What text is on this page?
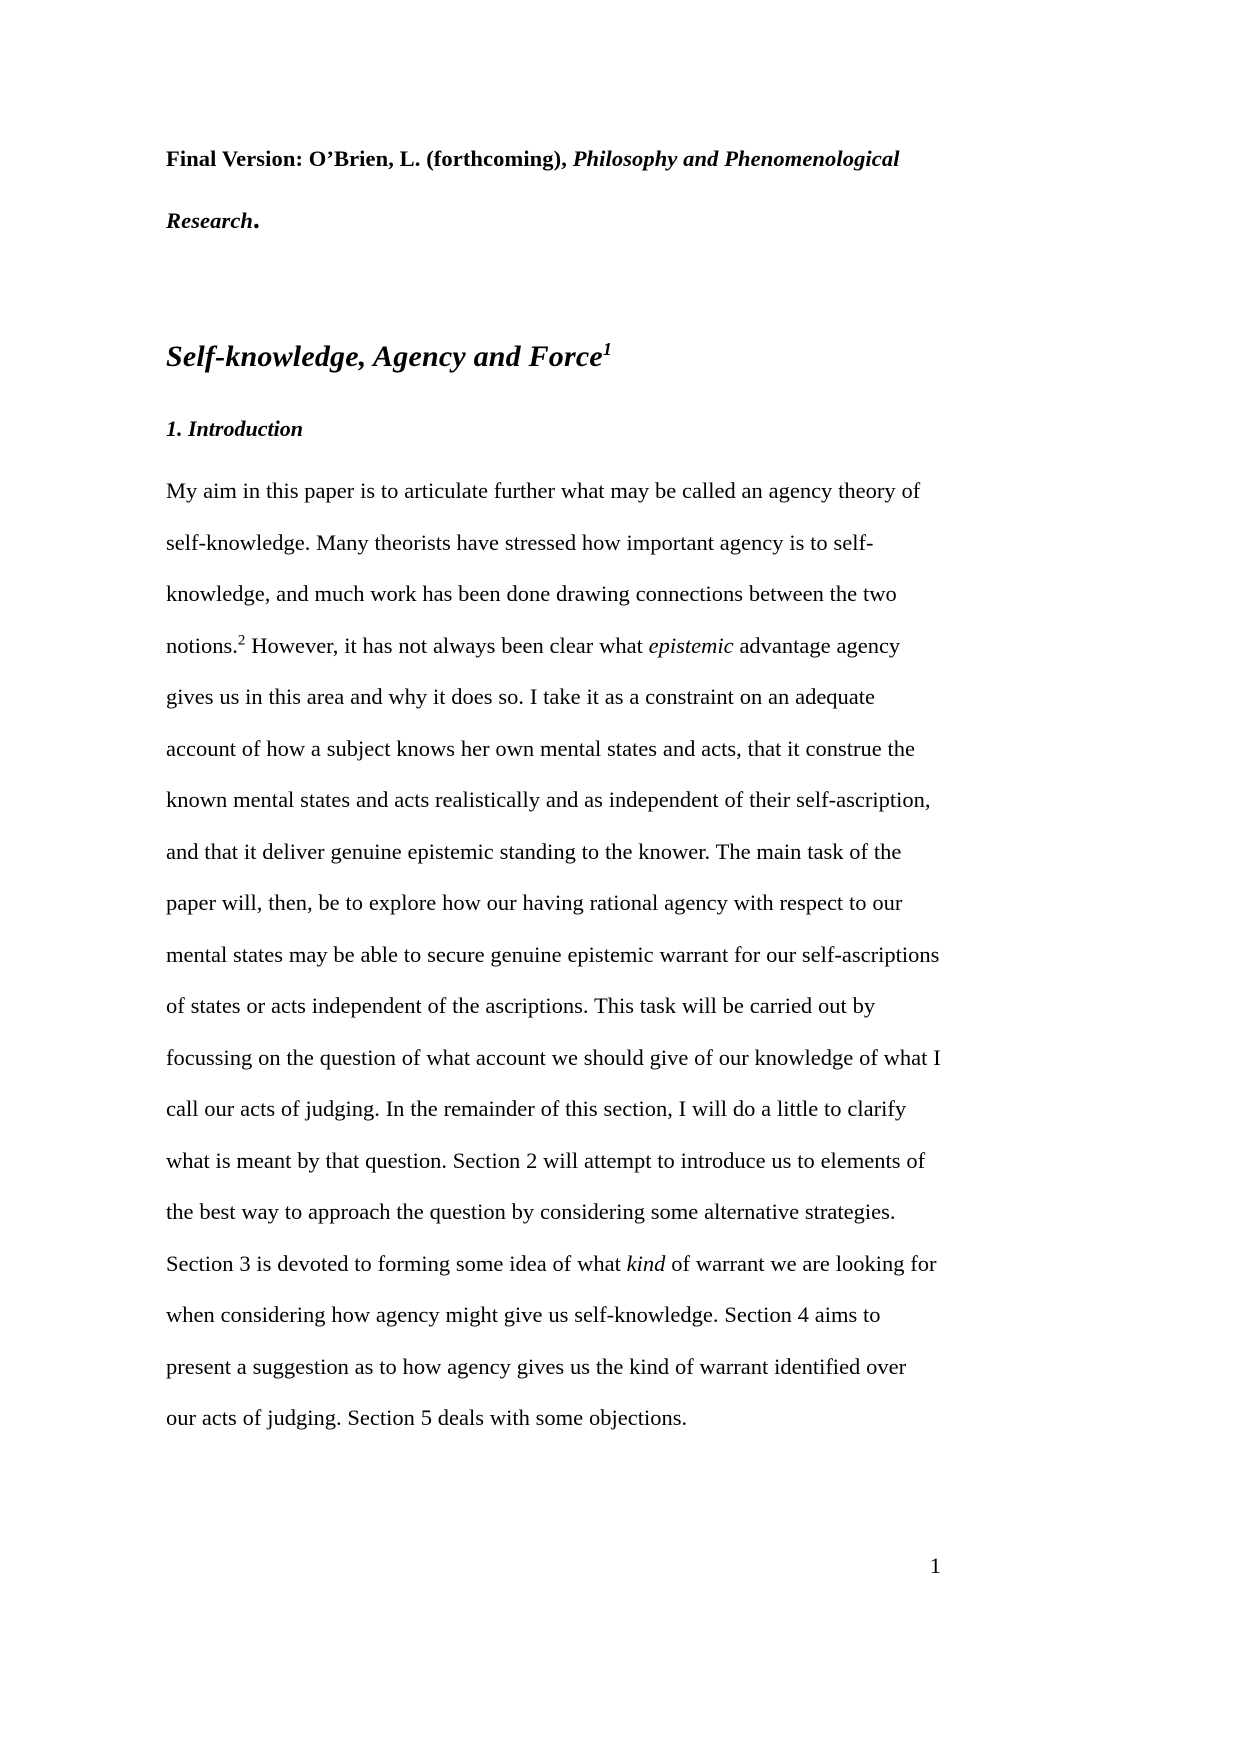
Final Version: O’Brien, L. (forthcoming), Philosophy and Phenomenological
Research.
Self-knowledge, Agency and Force$^1$
1. Introduction

My aim in this paper is to articulate further what may be called an agency theory of self-knowledge. Many theorists have stressed how important agency is to self-knowledge, and much work has been done drawing connections between the two notions.$^2$ However, it has not always been clear what epistemic advantage agency gives us in this area and why it does so. I take it as a constraint on an adequate account of how a subject knows her own mental states and acts, that it construe the known mental states and acts realistically and as independent of their self-ascription, and that it deliver genuine epistemic standing to the knower. The main task of the paper will, then, be to explore how our having rational agency with respect to our mental states may be able to secure genuine epistemic warrant for our self-ascriptions of states or acts independent of the ascriptions. This task will be carried out by focussing on the question of what account we should give of our knowledge of what I call our acts of judging. In the remainder of this section, I will do a little to clarify what is meant by that question. Section 2 will attempt to introduce us to elements of the best way to approach the question by considering some alternative strategies. Section 3 is devoted to forming some idea of what kind of warrant we are looking for when considering how agency might give us self-knowledge. Section 4 aims to present a suggestion as to how agency gives us the kind of warrant identified over our acts of judging. Section 5 deals with some objections.

1
